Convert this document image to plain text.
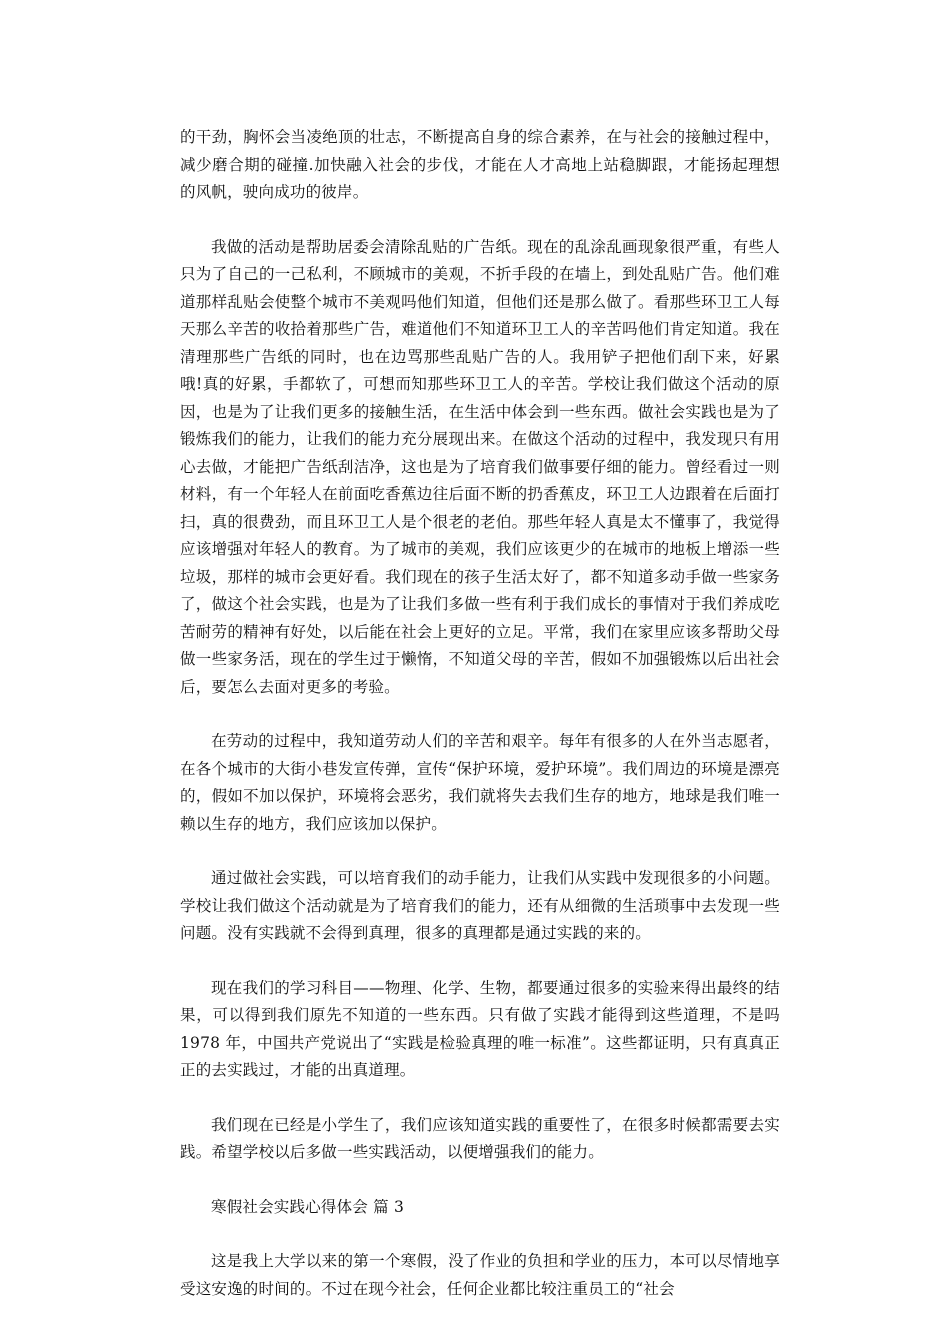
的干劲，胸怀会当凌绝顶的壮志，不断提高自身的综合素养，在与社会的接触过程中，减少磨合期的碰撞.加快融入社会的步伐，才能在人才高地上站稳脚跟，才能扬起理想的风帆，驶向成功的彼岸。

我做的活动是帮助居委会清除乱贴的广告纸。现在的乱涂乱画现象很严重，有些人只为了自己的一己私利，不顾城市的美观，不折手段的在墙上，到处乱贴广告。他们难道那样乱贴会使整个城市不美观吗他们知道，但他们还是那么做了。看那些环卫工人每天那么辛苦的收拾着那些广告，难道他们不知道环卫工人的辛苦吗他们肯定知道。我在清理那些广告纸的同时，也在边骂那些乱贴广告的人。我用铲子把他们刮下来，好累哦!真的好累，手都软了，可想而知那些环卫工人的辛苦。学校让我们做这个活动的原因，也是为了让我们更多的接触生活，在生活中体会到一些东西。做社会实践也是为了锻炼我们的能力，让我们的能力充分展现出来。在做这个活动的过程中，我发现只有用心去做，才能把广告纸刮洁净，这也是为了培育我们做事要仔细的能力。曾经看过一则材料，有一个年轻人在前面吃香蕉边往后面不断的扔香蕉皮，环卫工人边跟着在后面打扫，真的很费劲，而且环卫工人是个很老的老伯。那些年轻人真是太不懂事了，我觉得应该增强对年轻人的教育。为了城市的美观，我们应该更少的在城市的地板上增添一些垃圾，那样的城市会更好看。我们现在的孩子生活太好了，都不知道多动手做一些家务了，做这个社会实践，也是为了让我们多做一些有利于我们成长的事情对于我们养成吃苦耐劳的精神有好处，以后能在社会上更好的立足。平常，我们在家里应该多帮助父母做一些家务活，现在的学生过于懒惰，不知道父母的辛苦，假如不加强锻炼以后出社会后，要怎么去面对更多的考验。

在劳动的过程中，我知道劳动人们的辛苦和艰辛。每年有很多的人在外当志愿者，在各个城市的大街小巷发宣传弹，宣传“保护环境，爱护环境”。我们周边的环境是漂亮的，假如不加以保护，环境将会恶劣，我们就将失去我们生存的地方，地球是我们唯一赖以生存的地方，我们应该加以保护。

通过做社会实践，可以培育我们的动手能力，让我们从实践中发现很多的小问题。学校让我们做这个活动就是为了培育我们的能力，还有从细微的生活琐事中去发现一些问题。没有实践就不会得到真理，很多的真理都是通过实践的来的。

现在我们的学习科目——物理、化学、生物，都要通过很多的实验来得出最终的结果，可以得到我们原先不知道的一些东西。只有做了实践才能得到这些道理，不是吗 1978 年，中国共产党说出了“实践是检验真理的唯一标准”。这些都证明，只有真真正正的去实践过，才能的出真道理。

我们现在已经是小学生了，我们应该知道实践的重要性了，在很多时候都需要去实践。希望学校以后多做一些实践活动，以便增强我们的能力。

寒假社会实践心得体会 篇 3

这是我上大学以来的第一个寒假，没了作业的负担和学业的压力，本可以尽情地享受这安逸的时间的。不过在现今社会，任何企业都比较注重员工的“社会
